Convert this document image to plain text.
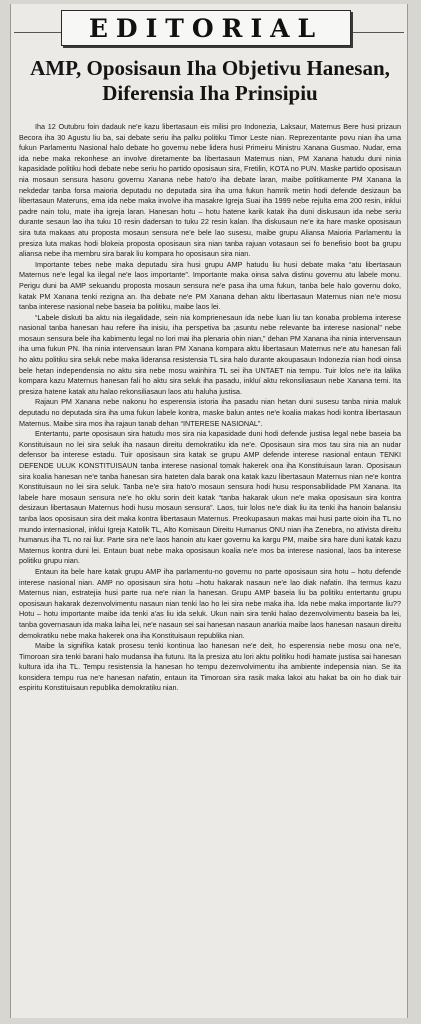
EDITORIAL
AMP, Oposisaun Iha Objetivu Hanesan, Diferensia Iha Prinsipiu

Iha 12 Outubru foin dadauk ne'e kazu libertasaun eis milisi pro Indonezia, Laksaur, Maternus Bere husi prizaun Becora iha 30 Agustu liu ba, sai debate seriu iha palku politiku Timor Leste nian. Reprezentante povu nian iha uma fukun Parlamentu Nasional halo debate ho governu nebe lidera husi Primeiru Ministru Xanana Gusmao. Nudar, ema ida nebe maka rekonhese an involve diretamente ba libertasaun Maternus nian, PM Xanana hatudu duni ninia kapasidade politiku hodi debate nebe seriu ho partido oposisaun sira, Fretilin, KOTA no PUN. Maske partido oposisaun nia mosaun sensura hasoru governu Xanana nebe hato'o iha debate laran, maibe politikamente PM Xanana la nekdedar tanba forsa maioria deputadu no deputada sira iha uma fukun hamrik metin hodi defende desizaun ba libertasaun Materuns, ema ida nebe maka involve iha masakre Igreja Suai iha 1999 nebe rejulta ema 200 resin, inklui padre nain tolu, mate iha igreja laran. Hanesan hotu – hotu hatene karik katak iha duni diskusaun ida nebe seriu durante sesaun lao iha tuku 10 resin dadersan to tuku 22 resin kalan. Iha diskusaun ne'e ita hare maske oposisaun sira tuta makaas atu proposta mosaun sensura ne'e bele lao susesu, maibe grupu Aliansa Maioria Parlamentu la presiza luta makas hodi blokeia proposta oposisaun sira nian tanba rajuan votasaun sei fo benefisio boot ba grupu aliansa nebe iha membru sira barak liu kompara ho oposisaun sira nian.

Importante tebes nebe maka deputadu sira husi grupu AMP hatudu liu husi debate maka “atu libertasaun Maternus ne'e legal ka ilegal ne'e laos importante”. Importante maka oinsa salva distinu governu atu labele monu. Perigu duni ba AMP sekuandu proposta mosaun sensura ne'e pasa iha uma fukun, tanba bele halo governu doko, katak PM Xanana tenki rezigna an. Iha debate ne'e PM Xanana dehan aktu libertasaun Maternus nian ne'e mosu tanba interese nasional nebe baseia ba politiku, maibe laos lei.

“Labele diskuti ba aktu nia ilegalidade, sein nia komprienesaun ida nebe luan liu tan konaba problema interese nasional tanba hanesan hau refere iha inisiu, iha perspetiva ba ;asuntu nebe relevante ba interese nasional” nebe mosaun sensura bele iha kabimentu legal no lori mai iha plenaria ohin nian,” dehan PM Xanana iha ninia intervensaun iha uma fukun PN. Iha ninia intervensaun laran PM Xanana kompara aktu libertasaun Maternus ne'e atu hanesan fali ho aktu politiku sira seluk nebe maka lideransa resistensia TL sira halo durante akoupasaun Indonezia nian hodi oinsa bele hetan independensia no aktu sira nebe mosu wainhira TL sei iha UNTAET nia tempu. Tuir lolos ne'e ita lalika kompara kazu Maternus hanesan fali ho aktu sira seluk iha pasadu, inkluí aktu rekonsiliasaun nebe Xanana temi. Ita presiza hatene katak atu halao rekonsiliasaun laos atu haluha justisa.

Rajaun PM Xanana nebe nakonu ho esperensia istoria iha pasadu nian hetan duni susesu tanba ninia maluk deputadu no deputada sira iha uma fukun labele kontra, maske balun antes ne'e koalia makas hodi kontra libertasaun Maternus. Maibe sira mos iha rajaun tanab dehan “INTERESE NASIONAL”.

Entertantu, parte oposisaun sira hatudu mos sira nia kapasidade duni hodi defende justisa legal nebe baseia ba Konstituisaun no lei sira seluk iha nasaun direitu demokratiku ida ne'e. Oposisaun sira mos tau sira nia an nudar defensor ba interese estadu. Tuir oposisaun sira katak se grupu AMP defende interese nasional entaun TENKI DEFENDE ULUK KONSTITUISAUN tanba interese nasional tomak hakerek ona iha Konstituisaun laran. Oposisaun sira koalia hanesan ne'e tanba hanesan sira hateten dala barak ona katak kazu libertasaun Maternus nian ne'e kontra Konstituisaun no lei sira seluk. Tanba ne'e sira hato'o mosaun sensura hodi husu responsabilidade PM Xanana. Ita labele hare mosaun sensura ne'e ho oklu sorin deit katak “tanba hakarak ukun ne'e maka oposisaun sira kontra desizaun libertasaun Maternus hodi husu mosaun sensura”. Laos, tuir lolos ne'e diak liu ita tenki iha hanoin balansiu tanba laos oposisaun sira deit maka kontra libertasaun Maternus. Preokupasaun makas mai husi parte oioin iha TL no mundo internasional, inklui Igreja Katolik TL, Alto Komisaun Direitu Humanus ONU nian iha Zenebra, no ativista direitu humanus iha TL no rai liur. Parte sira ne'e laos hanoin atu kaer governu ka kargu PM, maibe sira hare duni katak kazu Maternus kontra duni lei. Entaun buat nebe maka oposisaun koalia ne'e mos ba interese nasional, laos ba interese politiku grupu nian.

Entaun ita bele hare katak grupu AMP iha parlamentu-no governu no parte oposisaun sira hotu – hotu defende interese nasional nian. AMP no oposisaun sira hotu –hotu hakarak nasaun ne'e lao diak nafatin. Iha termus kazu Maternus nian, estratejia husi parte rua ne'e nian la hanesan. Grupu AMP baseia liu ba politiku entertantu grupu oposisaun hakarak dezenvolvimentu nasaun nian tenki lao ho lei sira nebe maka iha. Ida nebe maka importante liu??Hotu – hotu importante maibe ida tenki a'as liu ida seluk. Ukun nain sira tenki halao dezenvolvimentu baseia ba lei, tanba governasaun ida maka laiha lei, ne'e nasaun sei sai hanesan nasaun anarkia maibe laos hanesan nasaun direitu demokratiku nebe maka hakerek ona iha Konstituisaun republika nian.

Maibe la signifika katak prosesu tenki kontinua lao hanesan ne'e deit, ho esperensia nebe mosu ona ne'e, Timoroan sira tenki barani halo mudansa iha futuru. Ita la presiza atu lori aktu politiku hodi hamate justisa sai hanesan kultura ida iha TL. Tempu resistensia la hanesan ho tempu dezenvolvimentu iha ambiente indepensia nian. Se ita konsidera tempu rua ne'e hanesan nafatin, entaun ita Timoroan sira rasik maka lakoi atu hakat ba oin ho diak tuir espiritu Konstituisaun republika demokratiku nian.
